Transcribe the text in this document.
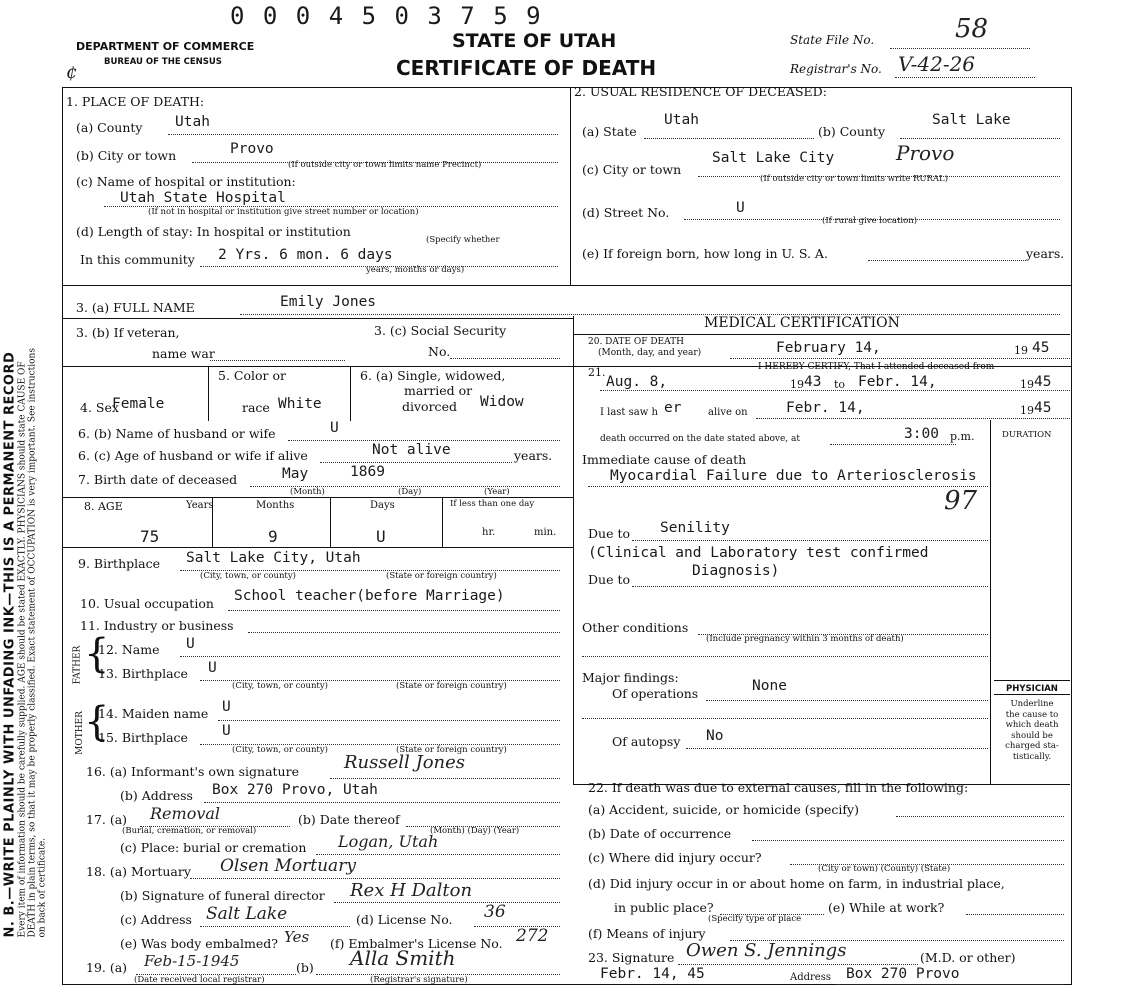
N. B.—WRITE PLAINLY WITH UNFADING INK—THIS IS A PERMANENT RECORD Every item of information should be carefully supplied. AGE should be stated EXACTLY. PHYSICIANS should state CAUSE OF DEATH in plain terms, so that it may be properly classified. Exact statement of OCCUPATION is very important. See instructions on back of certificate.
0 0 0 4 5 0 3 7 5 9
DEPARTMENT OF COMMERCE
BUREAU OF THE CENSUS
¢
STATE OF UTAH
CERTIFICATE OF DEATH
State File No.	58
Registrar's No. V-42-26
1. PLACE OF DEATH:
(a) County Utah
(b) City or town	Provo
(If outside city or town limits name Precinct)
(c) Name of hospital or institution:
Utah State Hospital
(If not in hospital or institution give street number or location)
(d) Length of stay: In hospital or institution
(Specify whether
In this community 2 Yrs. 6 mon. 6 days
years, months or days)
2. USUAL RESIDENCE OF DECEASED:
(a) State
Utah
(b) County
Salt Lake
(c) City or town
Salt Lake City	Provo
(If outside city or town limits write RURAL)
(d) Street No.	U
(If rural give location)
(e) If foreign born, how long in U. S. A.	years.
3. (a) FULL NAME	Emily Jones
3. (b) If veteran,
name war
3. (c) Social Security
No.
4. Sex
Female
5. Color or
race White
6. (a) Single, widowed,
married or
divorced Widow
6. (b) Name of husband or wife	U
6. (c) Age of husband or wife if alive	Not alive	years.
7. Birth date of deceased	May	1869
(Month)	(Day)	(Year)
8. AGE	Years	Months	Days	If less than one day
75	9	U	hr.	min.
9. Birthplace Salt Lake City, Utah
(City, town, or county)	(State or foreign country)
10. Usual occupation School teacher(before Marriage)
11. Industry or business
FATHER {
12. Name U
13. Birthplace U
(City, town, or county)	(State or foreign country)
MOTHER {
14. Maiden name U
15. Birthplace U
(City, town, or county)	(State or foreign country)
16. (a) Informant's own signature	Russell Jones
(b) Address Box 270 Provo, Utah
17. (a) Removal	(b) Date thereof
(Burial, cremation, or removal)	(Month) (Day) (Year)
(c) Place: burial or cremation Logan, Utah
18. (a) Mortuary Olsen Mortuary
(b) Signature of funeral director Rex H Dalton
(c) Address Salt Lake	(d) License No. 36
(e) Was body embalmed? Yes (f) Embalmer's License No. 272
19. (a) Feb-15-1945	(b) Alla Smith
(Date received local registrar)	(Registrar's signature)
MEDICAL CERTIFICATION
20. DATE OF DEATH
(Month, day, and year)	February 14,	19 45
I HEREBY CERTIFY, That I attended deceased from
21.
Aug. 8,	19 43 to Febr. 14,	19 45
I last saw h er	alive on	Febr. 14,	19 45
death occurred on the date stated above, at	3:00 p.m.	DURATION
Immediate cause of death
Myocardial Failure due to Arteriosclerosis
97
Due to Senility
(Clinical and Laboratory test confirmed
Due to
Diagnosis)
Other conditions
(Include pregnancy within 3 months of death)
Major findings:
Of operations	None
Of autopsy No
PHYSICIAN
Underline
the cause to
which death
should be
charged sta-
tistically.
22. If death was due to external causes, fill in the following:
(a) Accident, suicide, or homicide (specify)
(b) Date of occurrence
(c) Where did injury occur?
(City or town) (County) (State)
(d) Did injury occur in or about home on farm, in industrial place,
in public place?
(Specify type of place
(e) While at work?
(f) Means of injury
23. Signature Owen S. Jennings	(M.D. or other)
Febr. 14, 45	Address Box 270 Provo
